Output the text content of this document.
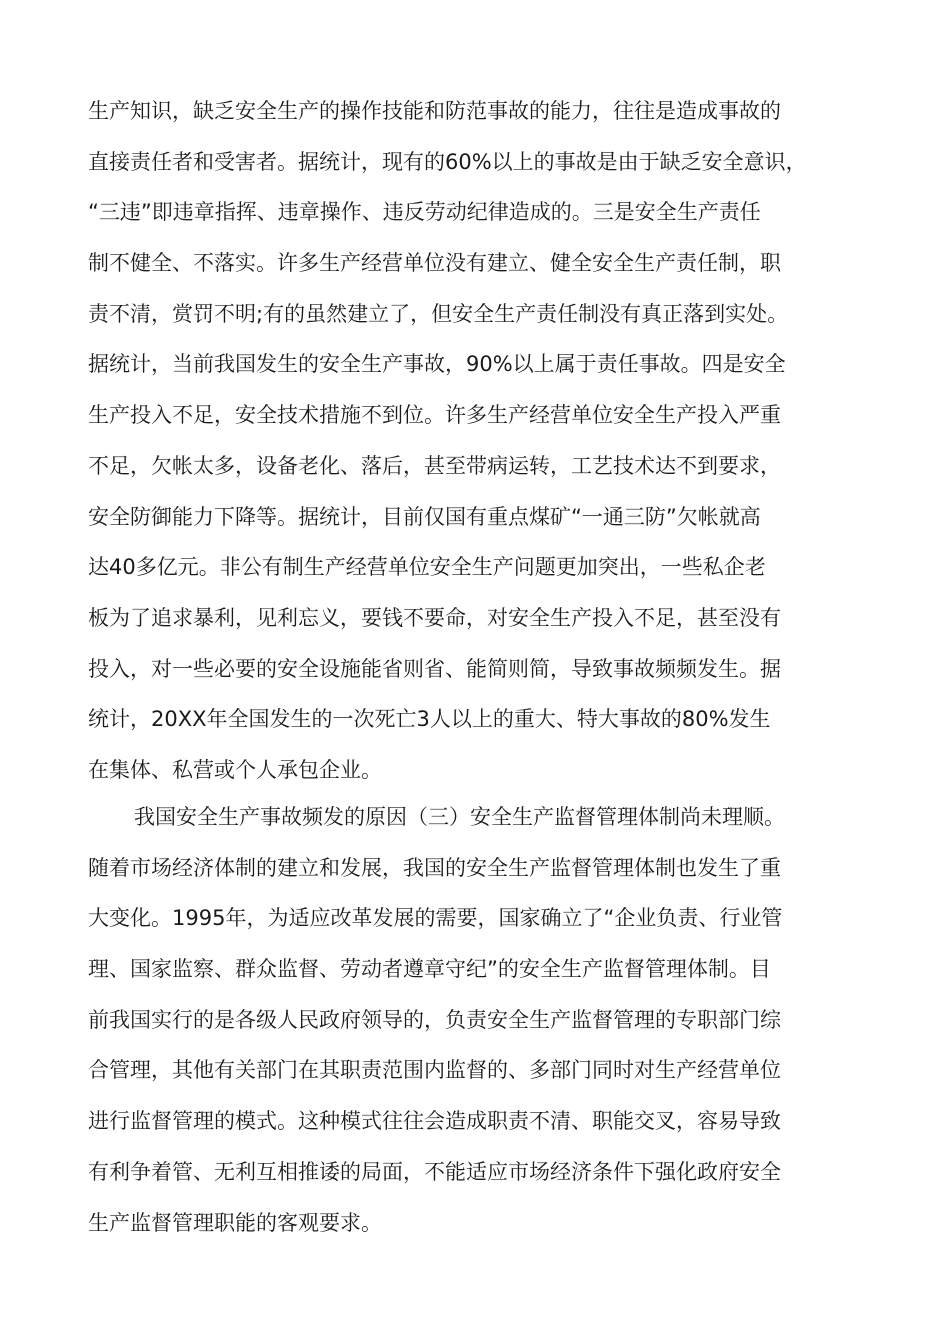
生产知识，缺乏安全生产的操作技能和防范事故的能力，往往是造成事故的
直接责任者和受害者。据统计，现有的60%以上的事故是由于缺乏安全意识，
“三违”即违章指挥、违章操作、违反劳动纪律造成的。三是安全生产责任
制不健全、不落实。许多生产经营单位没有建立、健全安全生产责任制，职
责不清，赏罚不明;有的虽然建立了，但安全生产责任制没有真正落到实处。
据统计，当前我国发生的安全生产事故，90%以上属于责任事故。四是安全
生产投入不足，安全技术措施不到位。许多生产经营单位安全生产投入严重
不足，欠帐太多，设备老化、落后，甚至带病运转，工艺技术达不到要求，
安全防御能力下降等。据统计，目前仅国有重点煤矿“一通三防”欠帐就高
达40多亿元。非公有制生产经营单位安全生产问题更加突出，一些私企老
板为了追求暴利，见利忘义，要钱不要命，对安全生产投入不足，甚至没有
投入，对一些必要的安全设施能省则省、能简则简，导致事故频频发生。据
统计，20XX年全国发生的一次死亡3人以上的重大、特大事故的80%发生
在集体、私营或个人承包企业。
我国安全生产事故频发的原因（三）安全生产监督管理体制尚未理顺。
随着市场经济体制的建立和发展，我国的安全生产监督管理体制也发生了重
大变化。1995年，为适应改革发展的需要，国家确立了“企业负责、行业管
理、国家监察、群众监督、劳动者遵章守纪”的安全生产监督管理体制。目
前我国实行的是各级人民政府领导的，负责安全生产监督管理的专职部门综
合管理，其他有关部门在其职责范围内监督的、多部门同时对生产经营单位
进行监督管理的模式。这种模式往往会造成职责不清、职能交叉，容易导致
有利争着管、无利互相推诿的局面，不能适应市场经济条件下强化政府安全
生产监督管理职能的客观要求。
